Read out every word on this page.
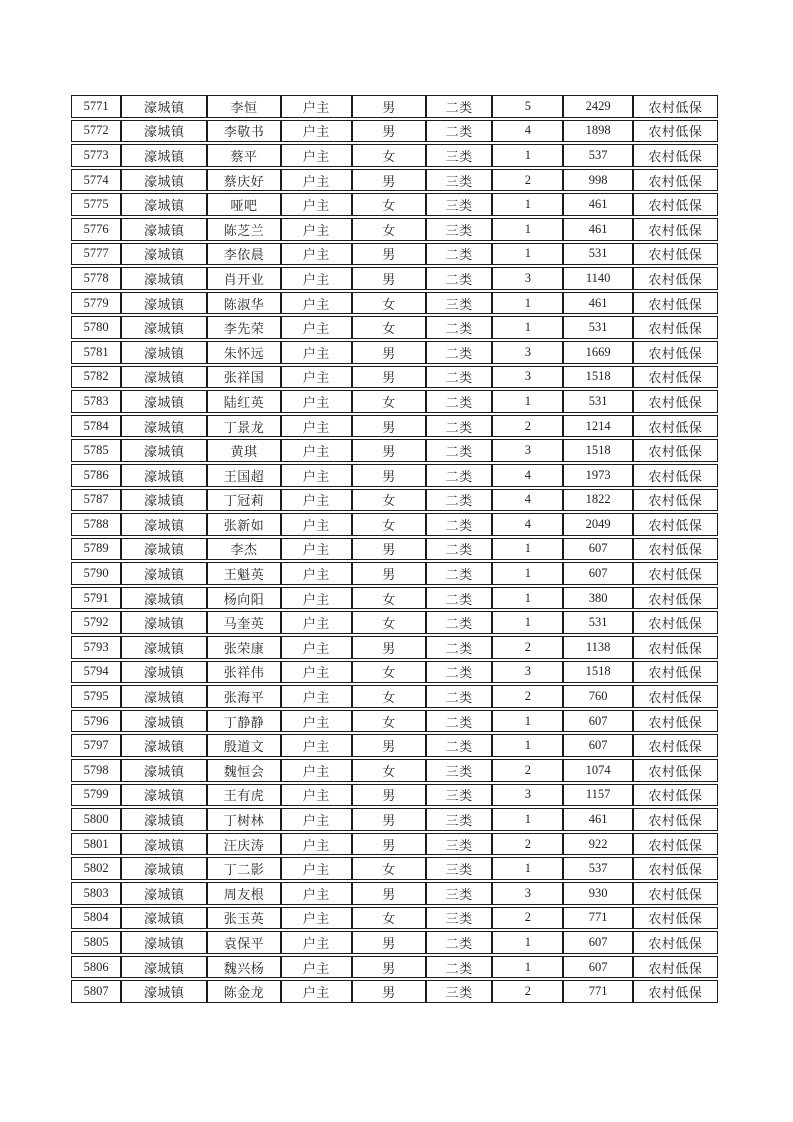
5771	濠城镇	李恒	户主	男	二类	5	2429	农村低保
5772	濠城镇	李敬书	户主	男	二类	4	1898	农村低保
5773	濠城镇	蔡平	户主	女	三类	1	537	农村低保
5774	濠城镇	蔡庆好	户主	男	三类	2	998	农村低保
5775	濠城镇	哑吧	户主	女	三类	1	461	农村低保
5776	濠城镇	陈芝兰	户主	女	三类	1	461	农村低保
5777	濠城镇	李依晨	户主	男	二类	1	531	农村低保
5778	濠城镇	肖开业	户主	男	二类	3	1140	农村低保
5779	濠城镇	陈淑华	户主	女	三类	1	461	农村低保
5780	濠城镇	李先荣	户主	女	二类	1	531	农村低保
5781	濠城镇	朱怀远	户主	男	二类	3	1669	农村低保
5782	濠城镇	张祥国	户主	男	二类	3	1518	农村低保
5783	濠城镇	陆红英	户主	女	二类	1	531	农村低保
5784	濠城镇	丁景龙	户主	男	二类	2	1214	农村低保
5785	濠城镇	黄琪	户主	男	二类	3	1518	农村低保
5786	濠城镇	王国超	户主	男	二类	4	1973	农村低保
5787	濠城镇	丁冠莉	户主	女	二类	4	1822	农村低保
5788	濠城镇	张新如	户主	女	二类	4	2049	农村低保
5789	濠城镇	李杰	户主	男	二类	1	607	农村低保
5790	濠城镇	王魁英	户主	男	二类	1	607	农村低保
5791	濠城镇	杨向阳	户主	女	二类	1	380	农村低保
5792	濠城镇	马奎英	户主	女	二类	1	531	农村低保
5793	濠城镇	张荣康	户主	男	二类	2	1138	农村低保
5794	濠城镇	张祥伟	户主	女	二类	3	1518	农村低保
5795	濠城镇	张海平	户主	女	二类	2	760	农村低保
5796	濠城镇	丁静静	户主	女	二类	1	607	农村低保
5797	濠城镇	殷道文	户主	男	二类	1	607	农村低保
5798	濠城镇	魏恒会	户主	女	三类	2	1074	农村低保
5799	濠城镇	王有虎	户主	男	三类	3	1157	农村低保
5800	濠城镇	丁树林	户主	男	三类	1	461	农村低保
5801	濠城镇	汪庆涛	户主	男	三类	2	922	农村低保
5802	濠城镇	丁二影	户主	女	三类	1	537	农村低保
5803	濠城镇	周友根	户主	男	三类	3	930	农村低保
5804	濠城镇	张玉英	户主	女	三类	2	771	农村低保
5805	濠城镇	袁保平	户主	男	二类	1	607	农村低保
5806	濠城镇	魏兴杨	户主	男	二类	1	607	农村低保
5807	濠城镇	陈金龙	户主	男	三类	2	771	农村低保
